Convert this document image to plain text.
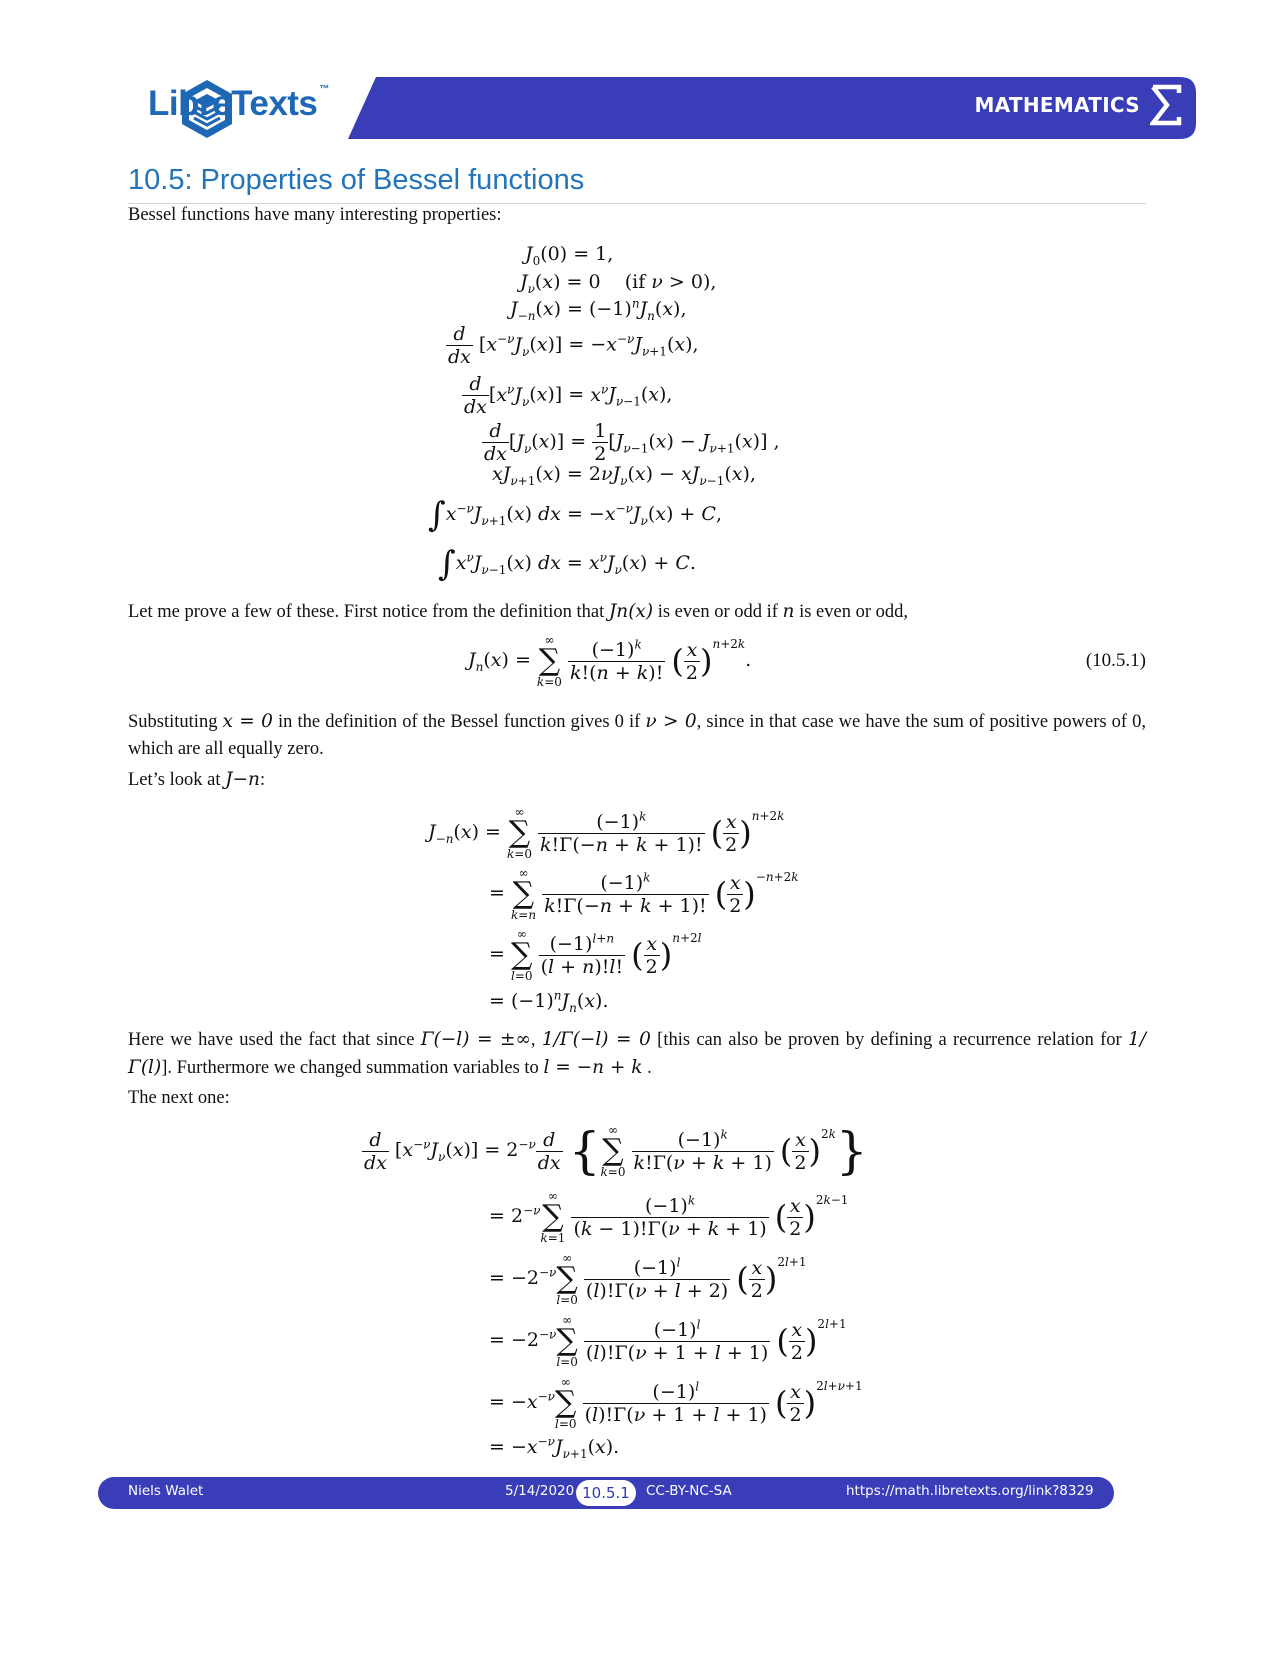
LibreTexts ™
MATHEMATICS
10.5: Properties of Bessel functions
Bessel functions have many interesting properties:
$J_0(0) = 1$,
$J_\nu(x) = 0$    (if ν > 0),
$J_{-n}(x) = (-1)^nJ_n(x)$,
$\frac{d}{dx} [x^{-\nu}J_\nu(x)] = -x^{-\nu}J_{\nu+1}(x)$,
$\frac{d}{dx} [x^\nu J_\nu(x)] = x^\nu J_{\nu-1}(x)$,
$\frac{d}{dx} [J_\nu(x)] = \frac{1}{2} [J_{\nu-1}(x) - J_{\nu+1}(x)]$ ,
$xJ_{\nu+1}(x) = 2\nu J_\nu(x) - xJ_{\nu-1}(x)$,
$\int x^{-\nu}J_{\nu+1}(x)$ dx = $-x^{-\nu}J_\nu(x) + C$,
$\int x^\nu J_{\nu-1}(x)$ dx = $x^\nu J_\nu(x) + C$.
Let me prove a few of these. First notice from the definition that Jn(x) is even or odd if n is even or odd,
$J_n(x)$ =
∞
∑
k=0
$\frac{(-1)^k}{k!(n + k)!}$ ( $\frac{x}{2} )^{n+2k}$.	(10.5.1)
Substituting x = 0 in the definition of the Bessel function gives 0 if ν > 0, since in that case we have the sum of positive powers of 0, which are all equally zero.
Let’s look at J−n:
$J_{-n}(x)$ =
∞
∑
k=0
$\frac{(-1)^k}{k!\Gamma(-n + k + 1)!}$ ( $\frac{x}{2} )^{n+2k}$
=
∞
∑
k=n
$\frac{(-1)^k}{k!\Gamma(-n + k + 1)!}$ ( $\frac{x}{2} )^{-n+2k}$
=
∞
∑
l=0
$\frac{(-1)^{l+n}}{(l + n)!l!}$ ( $\frac{x}{2} )^{n+2l}$
= $(-1)^nJ_n(x)$.
Here we have used the fact that since Γ(−l) = ±∞, 1/Γ(−l) = 0 [this can also be proven by defining a recurrence relation for 1/Γ(l)]. Furthermore we changed summation variables to l = −n + k .
The next one:
$\frac{d}{dx} [x^{-\nu}J_\nu(x)] = 2^{-\nu} \frac{d}{dx}$ { ∞
∑
k=0
$\frac{(-1)^k}{k!\Gamma(\nu + k + 1)}$ ( $\frac{x}{2} )^{2k}$}
= $2^{-\nu}$
∞
∑
k=1
$\frac{(-1)^k}{(k - 1)!\Gamma(\nu + k + 1)}$ ( $\frac{x}{2} )^{2k-1}$
= $-2^{-\nu}$
∞
∑
l=0
$\frac{(-1)^l}{(l)!\Gamma(\nu + l + 2)}$ ( $\frac{x}{2} )^{2l+1}$
= $-2^{-\nu}$
∞
∑
l=0
$\frac{(-1)^l}{(l)!\Gamma(\nu + 1 + l + 1)}$ ( $\frac{x}{2} )^{2l+1}$
= $-x^{-\nu}$
∞
∑
l=0
$\frac{(-1)^l}{(l)!\Gamma(\nu + 1 + l + 1)}$ ( $\frac{x}{2} )^{2l+\nu+1}$
= $-x^{-\nu}J_{\nu+1}(x)$.
Niels Walet	5/14/2020 10.5.1	CC-BY-NC-SA	https://math.libretexts.org/link?8329
